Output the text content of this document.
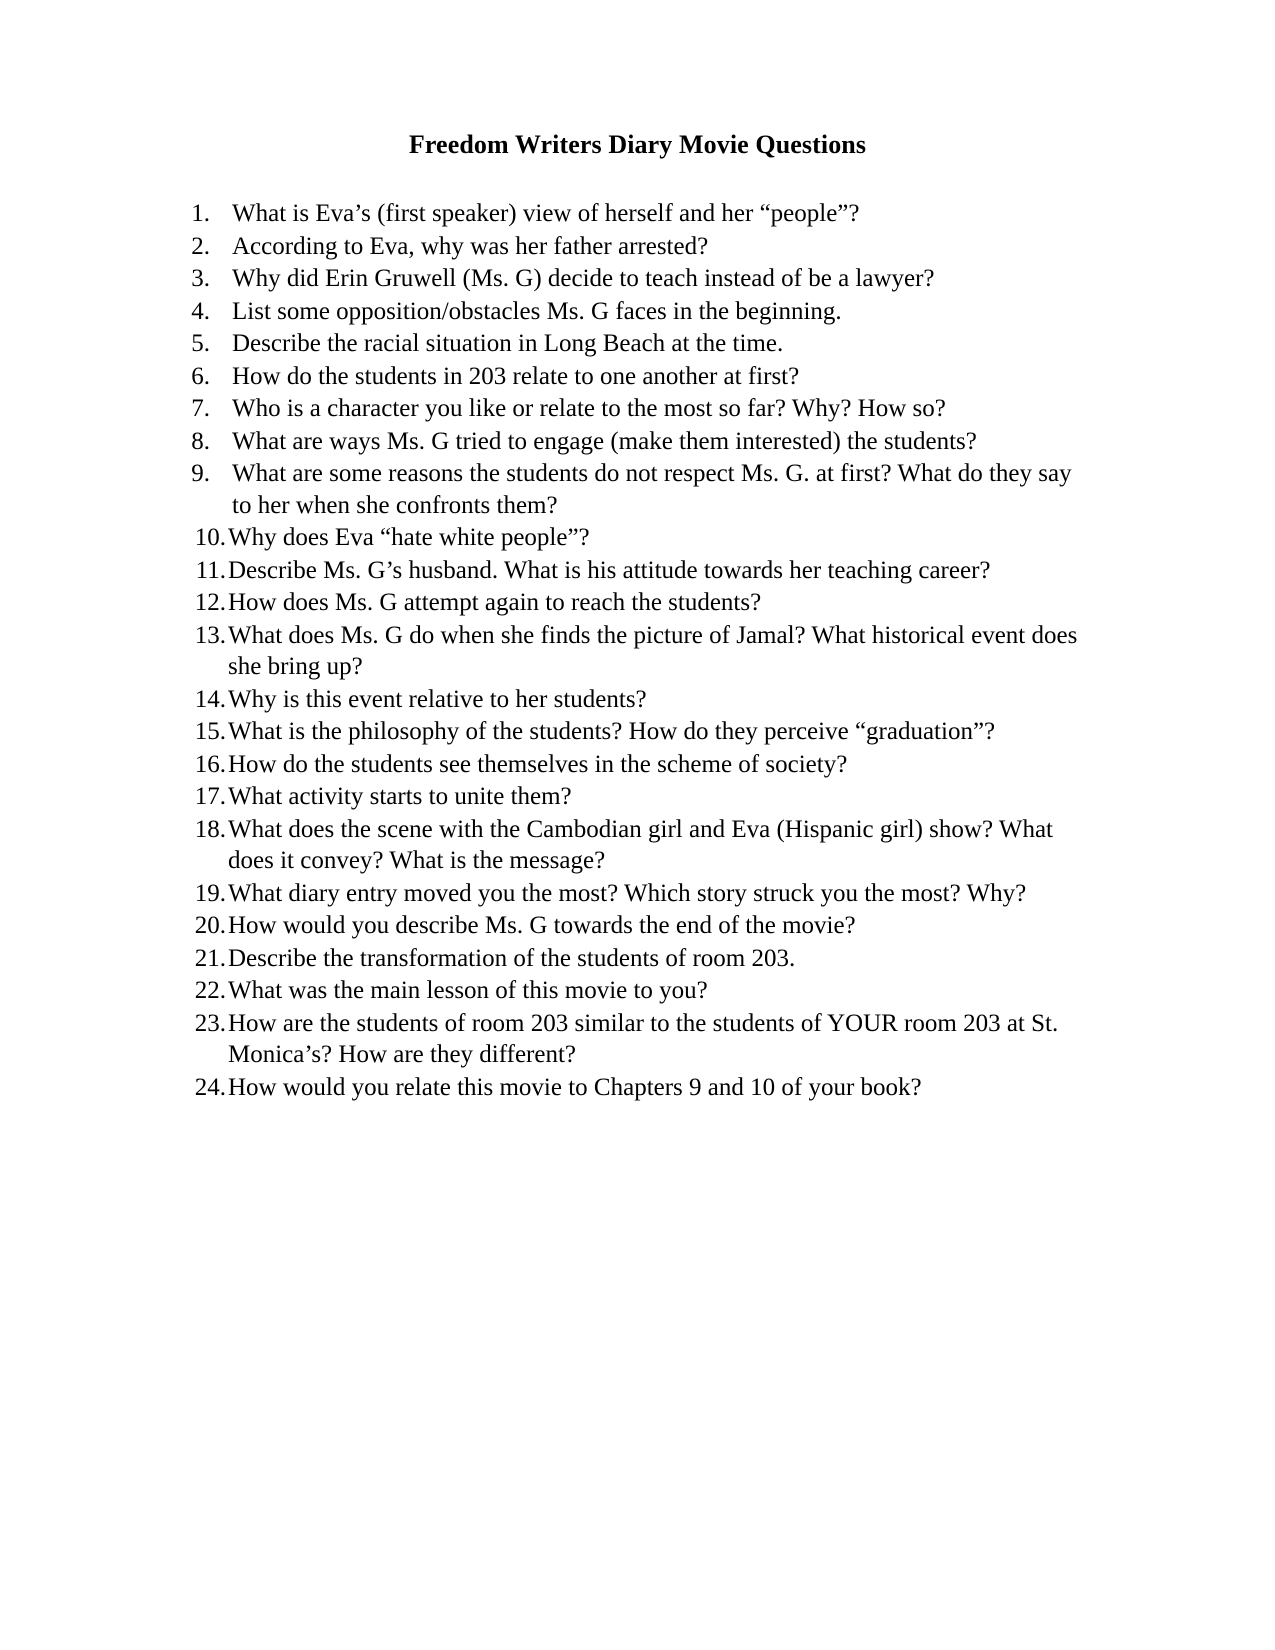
Freedom Writers Diary Movie Questions
1. What is Eva’s (first speaker) view of herself and her “people”?
2. According to Eva, why was her father arrested?
3. Why did Erin Gruwell (Ms. G) decide to teach instead of be a lawyer?
4. List some opposition/obstacles Ms. G faces in the beginning.
5. Describe the racial situation in Long Beach at the time.
6. How do the students in 203 relate to one another at first?
7. Who is a character you like or relate to the most so far? Why? How so?
8. What are ways Ms. G tried to engage (make them interested) the students?
9. What are some reasons the students do not respect Ms. G. at first? What do they say to her when she confronts them?
10. Why does Eva “hate white people”?
11. Describe Ms. G’s husband. What is his attitude towards her teaching career?
12. How does Ms. G attempt again to reach the students?
13. What does Ms. G do when she finds the picture of Jamal? What historical event does she bring up?
14. Why is this event relative to her students?
15. What is the philosophy of the students? How do they perceive “graduation”?
16. How do the students see themselves in the scheme of society?
17. What activity starts to unite them?
18. What does the scene with the Cambodian girl and Eva (Hispanic girl) show? What does it convey? What is the message?
19. What diary entry moved you the most? Which story struck you the most? Why?
20. How would you describe Ms. G towards the end of the movie?
21. Describe the transformation of the students of room 203.
22. What was the main lesson of this movie to you?
23. How are the students of room 203 similar to the students of YOUR room 203 at St. Monica’s? How are they different?
24. How would you relate this movie to Chapters 9 and 10 of your book?
